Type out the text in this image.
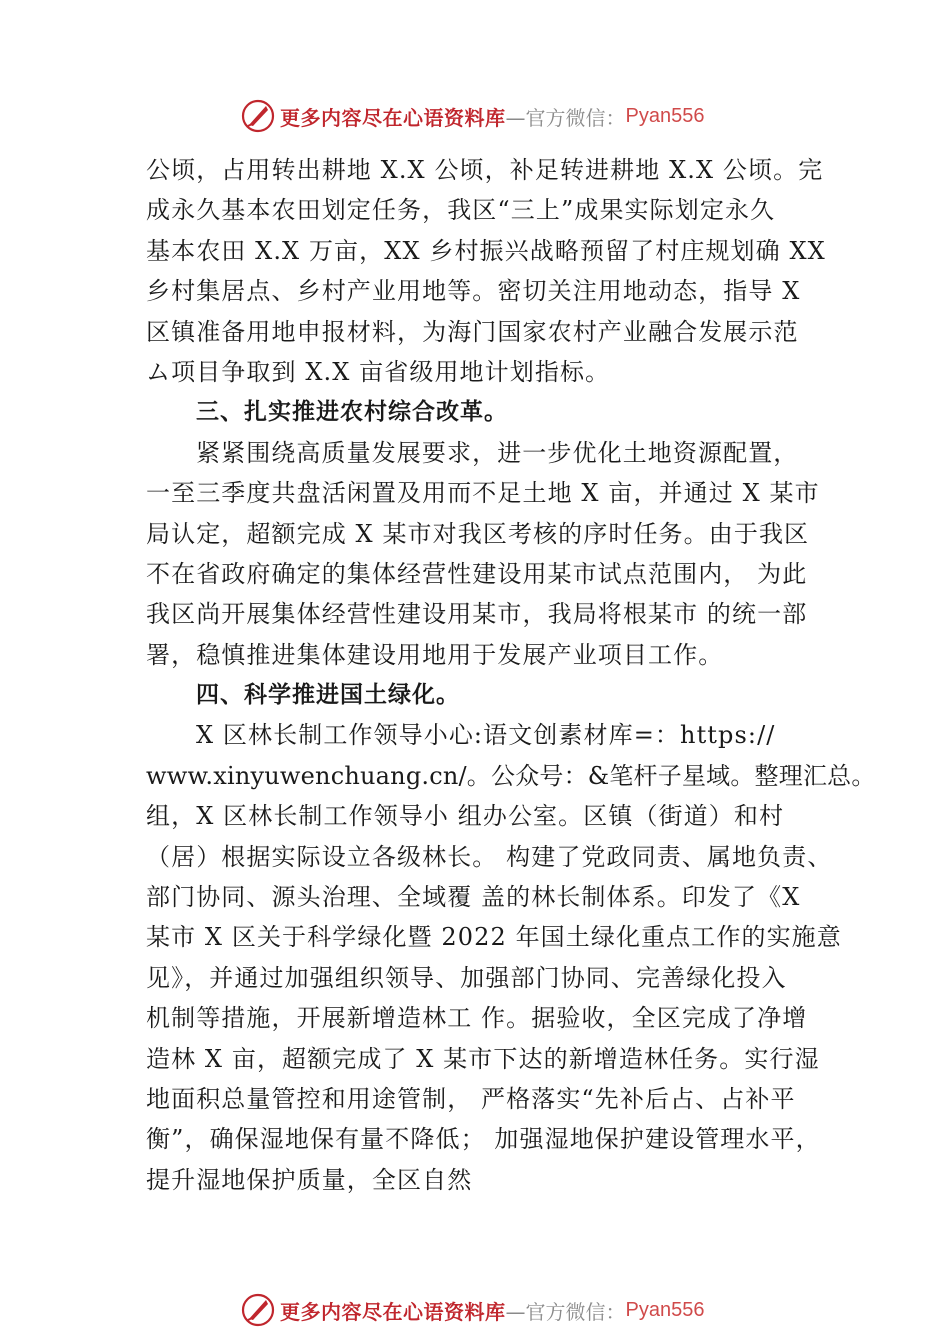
更多内容尽在心语资料库 —官方微信： Pyan556
公顷，占用转出耕地 X.X 公顷，补足转进耕地 X.X 公顷。完
成永久基本农田划定任务，我区“三上”成果实际划定永久
基本农田 X.X 万亩，XX 乡村振兴战略预留了村庄规划确 XX
乡村集居点、乡村产业用地等。密切关注用地动态，指导 X
区镇准备用地申报材料，为海门国家农村产业融合发展示范
ム项目争取到 X.X 亩省级用地计划指标。
三、扎实推进农村综合改革。
紧紧围绕高质量发展要求，进一步优化土地资源配置，
一至三季度共盘活闲置及用而不足土地 X 亩，并通过 X 某市
局认定，超额完成 X 某市对我区考核的序时任务。由于我区
不在省政府确定的集体经营性建设用某市试点范围内， 为此
我区尚开展集体经营性建设用某市，我局将根某市 的统一部
署，稳慎推进集体建设用地用于发展产业项目工作。
四、科学推进国土绿化。
X 区林长制工作领导小心:语文创素材库=：https://
www.xinyuwenchuang.cn/。公众号：&笔杆子星域。整理汇总。
组，X 区林长制工作领导小 组办公室。区镇（街道）和村
（居）根据实际设立各级林长。 构建了党政同责、属地负责、
部门协同、源头治理、全域覆 盖的林长制体系。印发了《X
某市 X 区关于科学绿化暨 2022 年国土绿化重点工作的实施意
见》，并通过加强组织领导、加强部门协同、完善绿化投入
机制等措施，开展新增造林工 作。据验收，全区完成了净增
造林 X 亩，超额完成了 X 某市下达的新增造林任务。实行湿
地面积总量管控和用途管制， 严格落实“先补后占、占补平
衡”，确保湿地保有量不降低； 加强湿地保护建设管理水平，
提升湿地保护质量，全区自然
更多内容尽在心语资料库 —官方微信： Pyan556
